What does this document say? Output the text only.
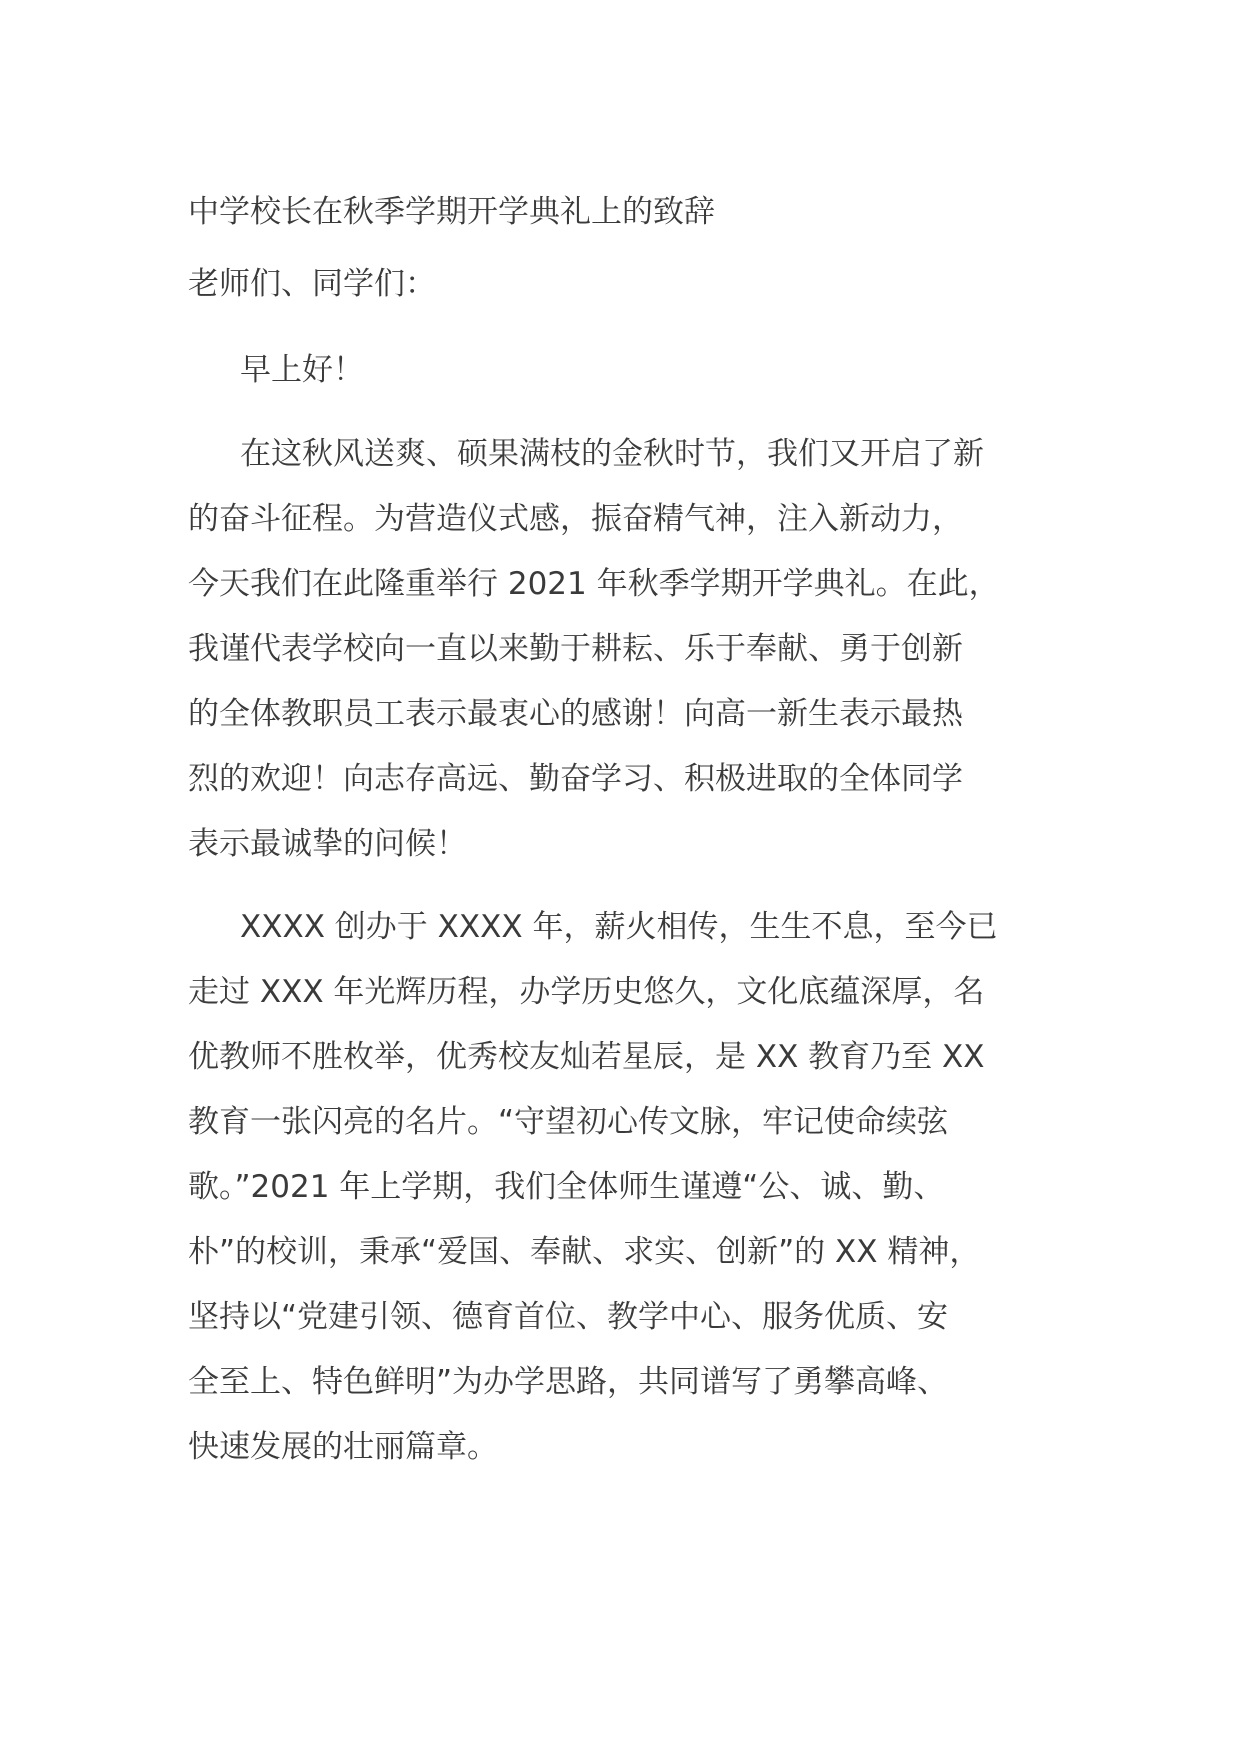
中学校长在秋季学期开学典礼上的致辞
老师们、同学们：
早上好！
在这秋风送爽、硕果满枝的金秋时节，我们又开启了新
的奋斗征程。为营造仪式感，振奋精气神，注入新动力，
今天我们在此隆重举行 2021 年秋季学期开学典礼。在此，
我谨代表学校向一直以来勤于耕耘、乐于奉献、勇于创新
的全体教职员工表示最衷心的感谢！向高一新生表示最热
烈的欢迎！向志存高远、勤奋学习、积极进取的全体同学
表示最诚挚的问候！
XXXX 创办于 XXXX 年，薪火相传，生生不息，至今已
走过 XXX 年光辉历程，办学历史悠久，文化底蕴深厚，名
优教师不胜枚举，优秀校友灿若星辰，是 XX 教育乃至 XX
教育一张闪亮的名片。“守望初心传文脉，牢记使命续弦
歌。”2021 年上学期，我们全体师生谨遵“公、诚、勤、
朴”的校训，秉承“爱国、奉献、求实、创新”的 XX 精神，
坚持以“党建引领、德育首位、教学中心、服务优质、安
全至上、特色鲜明”为办学思路，共同谱写了勇攀高峰、
快速发展的壮丽篇章。
